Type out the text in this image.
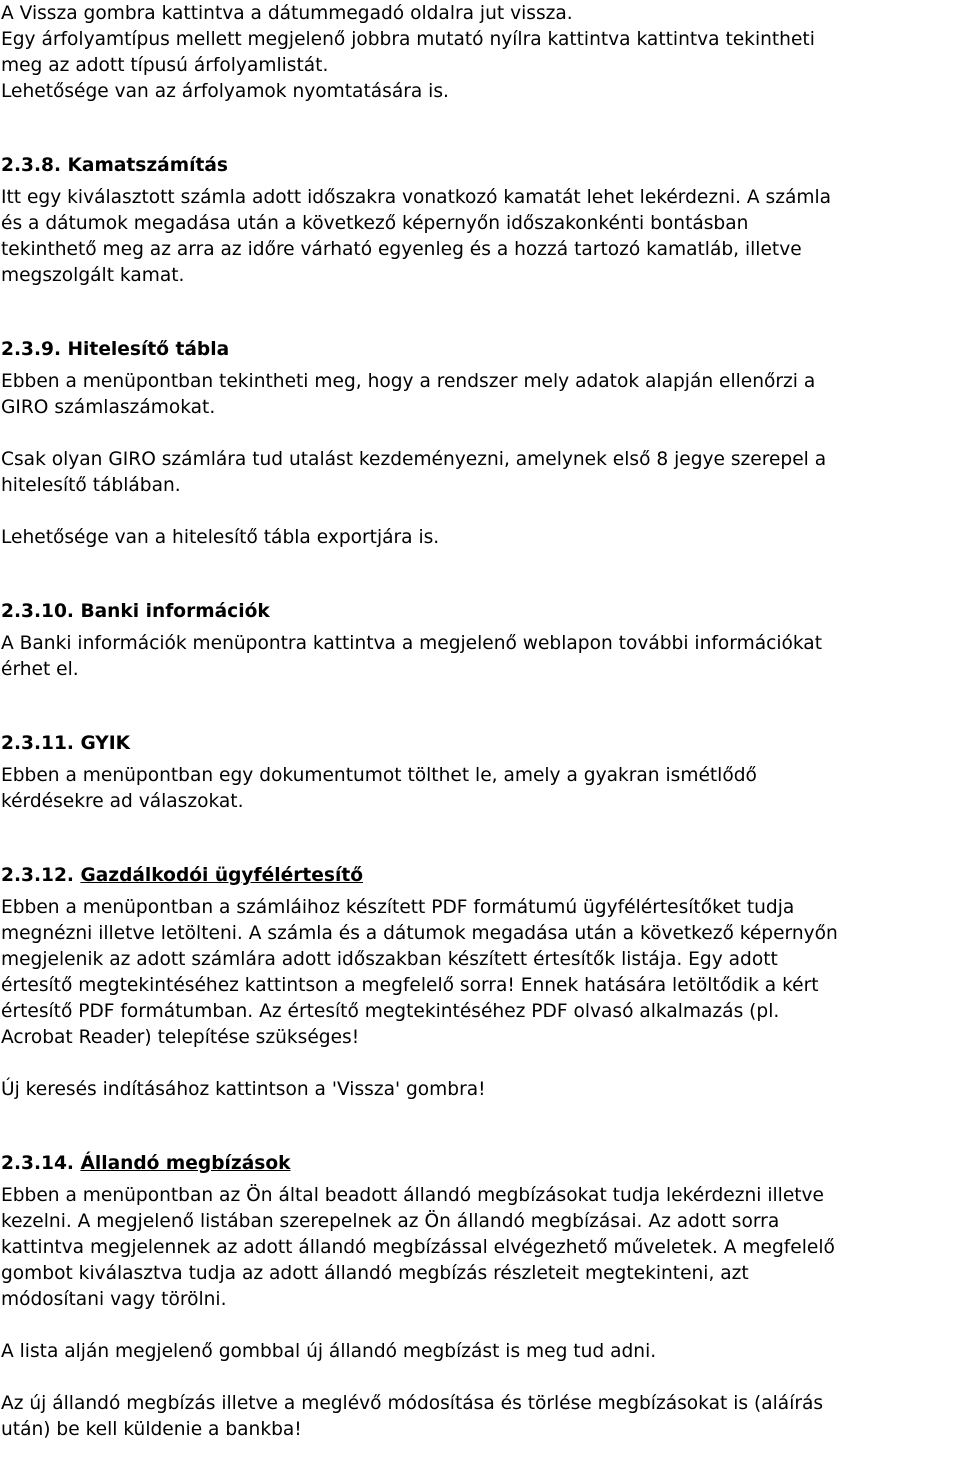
A Vissza gombra kattintva a dátummegadó oldalra jut vissza.
Egy árfolyamtípus mellett megjelenő jobbra mutató nyílra kattintva kattintva tekintheti
meg az adott típusú árfolyamlistát.
Lehetősége van az árfolyamok nyomtatására is.
2.3.8. Kamatszámítás
Itt egy kiválasztott számla adott időszakra vonatkozó kamatát lehet lekérdezni. A számla
és a dátumok megadása után a következő képernyőn időszakonkénti bontásban
tekinthető meg az arra az időre várható egyenleg és a hozzá tartozó kamatláb, illetve
megszolgált kamat.
2.3.9. Hitelesítő tábla
Ebben a menüpontban tekintheti meg, hogy a rendszer mely adatok alapján ellenőrzi a
GIRO számlaszámokat.
Csak olyan GIRO számlára tud utalást kezdeményezni, amelynek első 8 jegye szerepel a
hitelesítő táblában.
Lehetősége van a hitelesítő tábla exportjára is.
2.3.10. Banki információk
A Banki információk menüpontra kattintva a megjelenő weblapon további információkat
érhet el.
2.3.11. GYIK
Ebben a menüpontban egy dokumentumot tölthet le, amely a gyakran ismétlődő
kérdésekre ad válaszokat.
2.3.12. Gazdálkodói ügyfélértesítő
Ebben a menüpontban a számláihoz készített PDF formátumú ügyfélértesítőket tudja
megnézni illetve letölteni. A számla és a dátumok megadása után a következő képernyőn
megjelenik az adott számlára adott időszakban készített értesítők listája. Egy adott
értesítő megtekintéséhez kattintson a megfelelő sorra! Ennek hatására letöltődik a kért
értesítő PDF formátumban. Az értesítő megtekintéséhez PDF olvasó alkalmazás (pl.
Acrobat Reader) telepítése szükséges!
Új keresés indításához kattintson a 'Vissza' gombra!
2.3.14. Állandó megbízások
Ebben a menüpontban az Ön által beadott állandó megbízásokat tudja lekérdezni illetve
kezelni. A megjelenő listában szerepelnek az Ön állandó megbízásai. Az adott sorra
kattintva megjelennek az adott állandó megbízással elvégezhető műveletek. A megfelelő
gombot kiválasztva tudja az adott állandó megbízás részleteit megtekinteni, azt
módosítani vagy törölni.
A lista alján megjelenő gombbal új állandó megbízást is meg tud adni.
Az új állandó megbízás illetve a meglévő módosítása és törlése megbízásokat is (aláírás
után) be kell küldenie a bankba!
